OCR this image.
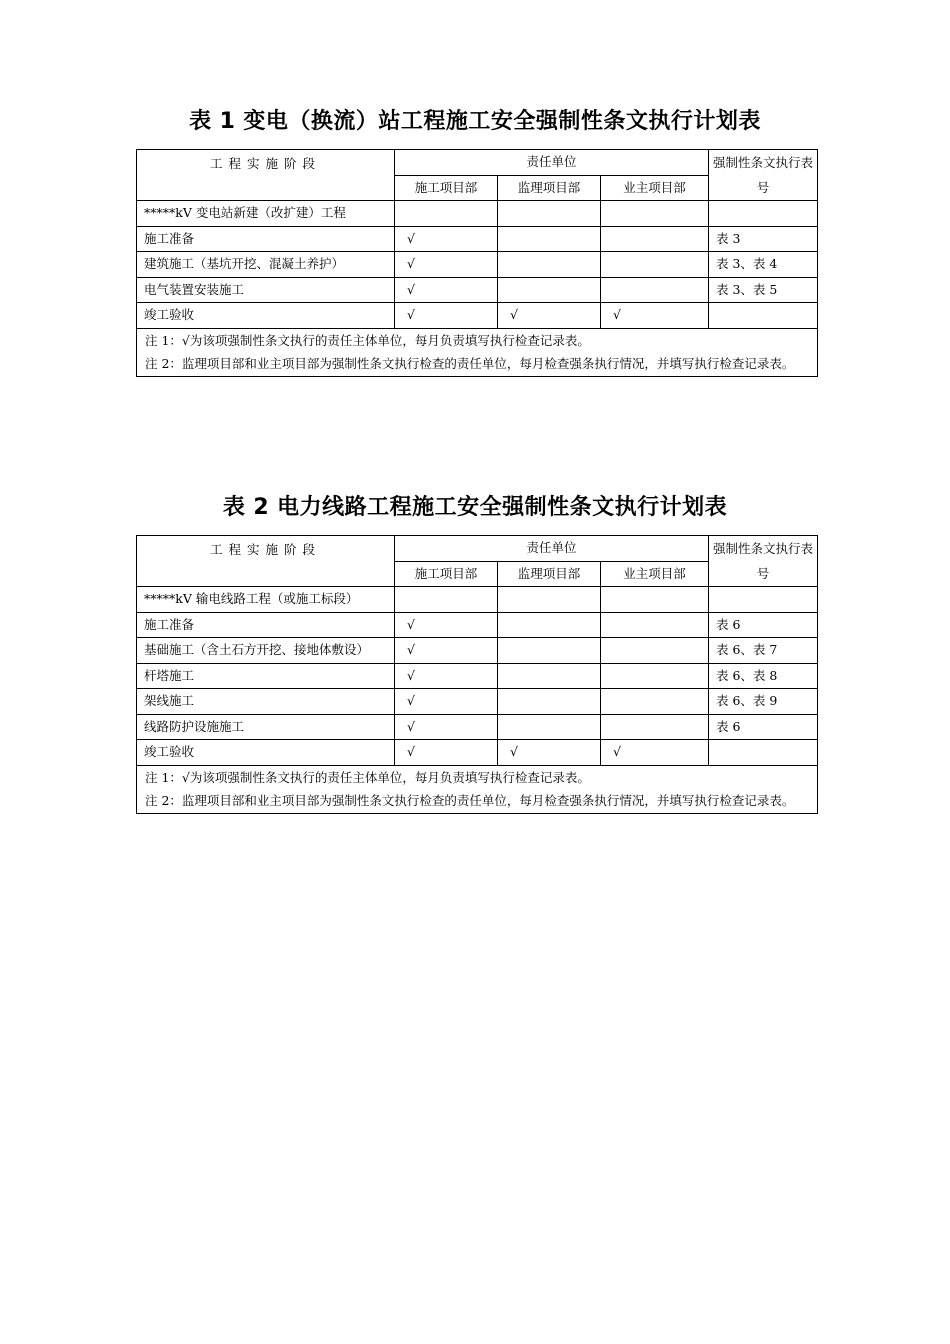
表 1 变电（换流）站工程施工安全强制性条文执行计划表
工程实施阶段	责任单位			强制性条文执行表号
	施工项目部	监理项目部	业主项目部	
*****kV 变电站新建（改扩建）工程				
施工准备	√			表 3
建筑施工（基坑开挖、混凝土养护）	√			表 3、表 4
电气装置安装施工	√			表 3、表 5
竣工验收	√	√	√	

注 1：√为该项强制性条文执行的责任主体单位，每月负责填写执行检查记录表。
注 2：监理项目部和业主项目部为强制性条文执行检查的责任单位，每月检查强条执行情况，并填写执行检查记录表。				
表 2 电力线路工程施工安全强制性条文执行计划表
工程实施阶段	责任单位			强制性条文执行表号
	施工项目部	监理项目部	业主项目部	
*****kV 输电线路工程（或施工标段）				
施工准备	√			表 6
基础施工（含土石方开挖、接地体敷设）	√			表 6、表 7
杆塔施工	√			表 6、表 8
架线施工	√			表 6、表 9
线路防护设施施工	√			表 6
竣工验收	√	√	√	

注 1：√为该项强制性条文执行的责任主体单位，每月负责填写执行检查记录表。
注 2：监理项目部和业主项目部为强制性条文执行检查的责任单位，每月检查强条执行情况，并填写执行检查记录表。				
